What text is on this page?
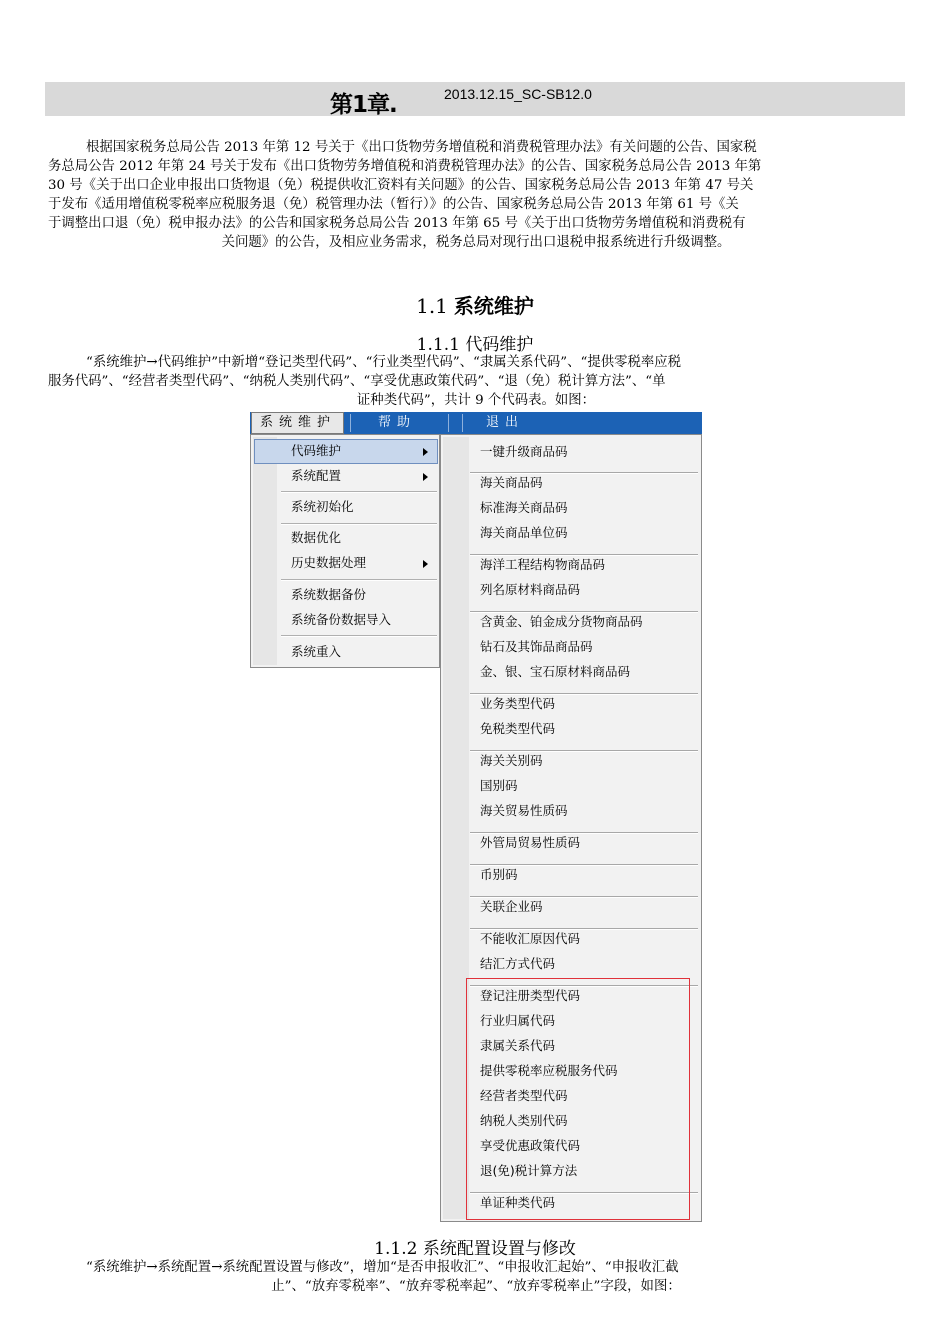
第1章.	2013.12.15_SC-SB12.0
根据国家税务总局公告 2013 年第 12 号关于《出口货物劳务增值税和消费税管理办法》有关问题的公告、国家税
务总局公告 2012 年第 24 号关于发布《出口货物劳务增值税和消费税管理办法》的公告、国家税务总局公告 2013 年第
30 号《关于出口企业申报出口货物退（免）税提供收汇资料有关问题》的公告、国家税务总局公告 2013 年第 47 号关
于发布《适用增值税零税率应税服务退（免）税管理办法（暂行）》的公告、国家税务总局公告 2013 年第 61 号《关
于调整出口退（免）税申报办法》的公告和国家税务总局公告 2013 年第 65 号《关于出口货物劳务增值税和消费税有
关问题》的公告，及相应业务需求，税务总局对现行出口退税申报系统进行升级调整。
1.1 系统维护
1.1.1 代码维护
“系统维护→代码维护”中新增“登记类型代码”、“行业类型代码”、“隶属关系代码”、“提供零税率应税
服务代码”、“经营者类型代码”、“纳税人类别代码”、“享受优惠政策代码”、“退（免）税计算方法”、“单
证种类代码”，共计 9 个代码表。如图：
系统维护	帮助	退出
代码维护
系统配置
系统初始化
数据优化
历史数据处理
系统数据备份
系统备份数据导入
系统重入
一键升级商品码
海关商品码
标准海关商品码
海关商品单位码
海洋工程结构物商品码
列名原材料商品码
含黄金、铂金成分货物商品码
钻石及其饰品商品码
金、银、宝石原材料商品码
业务类型代码
免税类型代码
海关关别码
国别码
海关贸易性质码
外管局贸易性质码
币别码
关联企业码
不能收汇原因代码
结汇方式代码
登记注册类型代码
行业归属代码
隶属关系代码
提供零税率应税服务代码
经营者类型代码
纳税人类别代码
享受优惠政策代码
退(免)税计算方法
单证种类代码
1.1.2 系统配置设置与修改
“系统维护→系统配置→系统配置设置与修改”，增加“是否申报收汇”、“申报收汇起始”、“申报收汇截
止”、“放弃零税率”、“放弃零税率起”、“放弃零税率止”字段，如图：
